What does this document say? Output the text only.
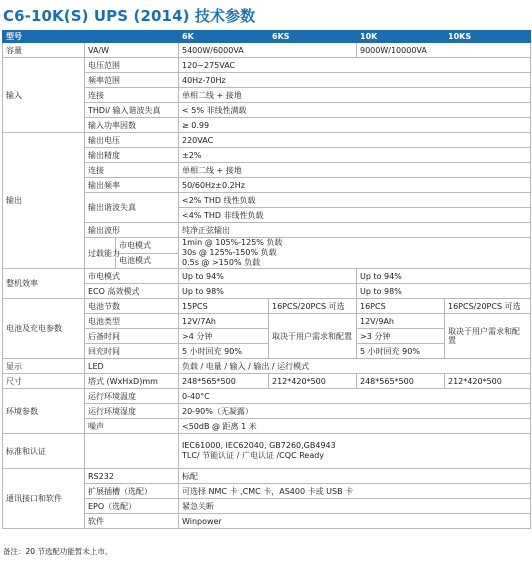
C6-10K(S) UPS (2014) 技术参数
型号			6K	6KS	10K	10KS
容量	VA/W		5400W/6000VA		9000W/10000VA	
输入	电压范围		120~275VAC			
	频率范围		40Hz-70Hz			
	连接		单相二线 + 接地			
	THDi/ 输入谐波失真		< 5% 非线性满载			
	输入功率因数		≥ 0.99			
输出	输出电压		220VAC			
	输出精度		±2%			
	连接		单相二线 + 接地			
	输出频率		50/60Hz±0.2Hz			
	输出谐波失真		<2% THD 线性负载			
			<4% THD 非线性负载			
	输出波形		纯净正弦输出			
	过载能力	市电模式	1min @ 105%-125% 负载
30s @ 125%-150% 负载
0.5s @ >150% 负载			

		电池模式				
整机效率	市电模式		Up to 94%		Up to 94%	
	ECO 高效模式		Up to 98%		Up to 98%	
电池及充电参数	电池节数		15PCS	16PCS/20PCS 可选	16PCS	16PCS/20PCS 可选
	电池类型		12V/7Ah	取决于用户需求和配置	12V/9Ah	取决于用户需求和配置
	后备时间		>4 分钟		>3 分钟	
	回充时间		5 小时回充 90%		5 小时回充 90%	
显示	LED		负载 / 电量 / 输入 / 输出 / 运行模式			
尺寸	塔式 (WxHxD)mm		248*565*500	212*420*500	248*565*500	212*420*500
环境参数	运行环境温度		0-40°C			
	运行环境湿度		20-90%（无凝露）			
	噪声		<50dB @ 距离 1 米			
标准和认证			IEC61000, IEC62040, GB7260,GB4943
TLC/ 节能认证 / 广电认证 /CQC Ready			

通讯接口和软件	RS232		标配			
	扩展插槽（选配）		可选择 NMC 卡 ,CMC 卡，AS400 卡或 USB 卡			
	EPO（选配）		紧急关断			
	软件		Winpower			
备注：20 节选配功能暂未上市。
